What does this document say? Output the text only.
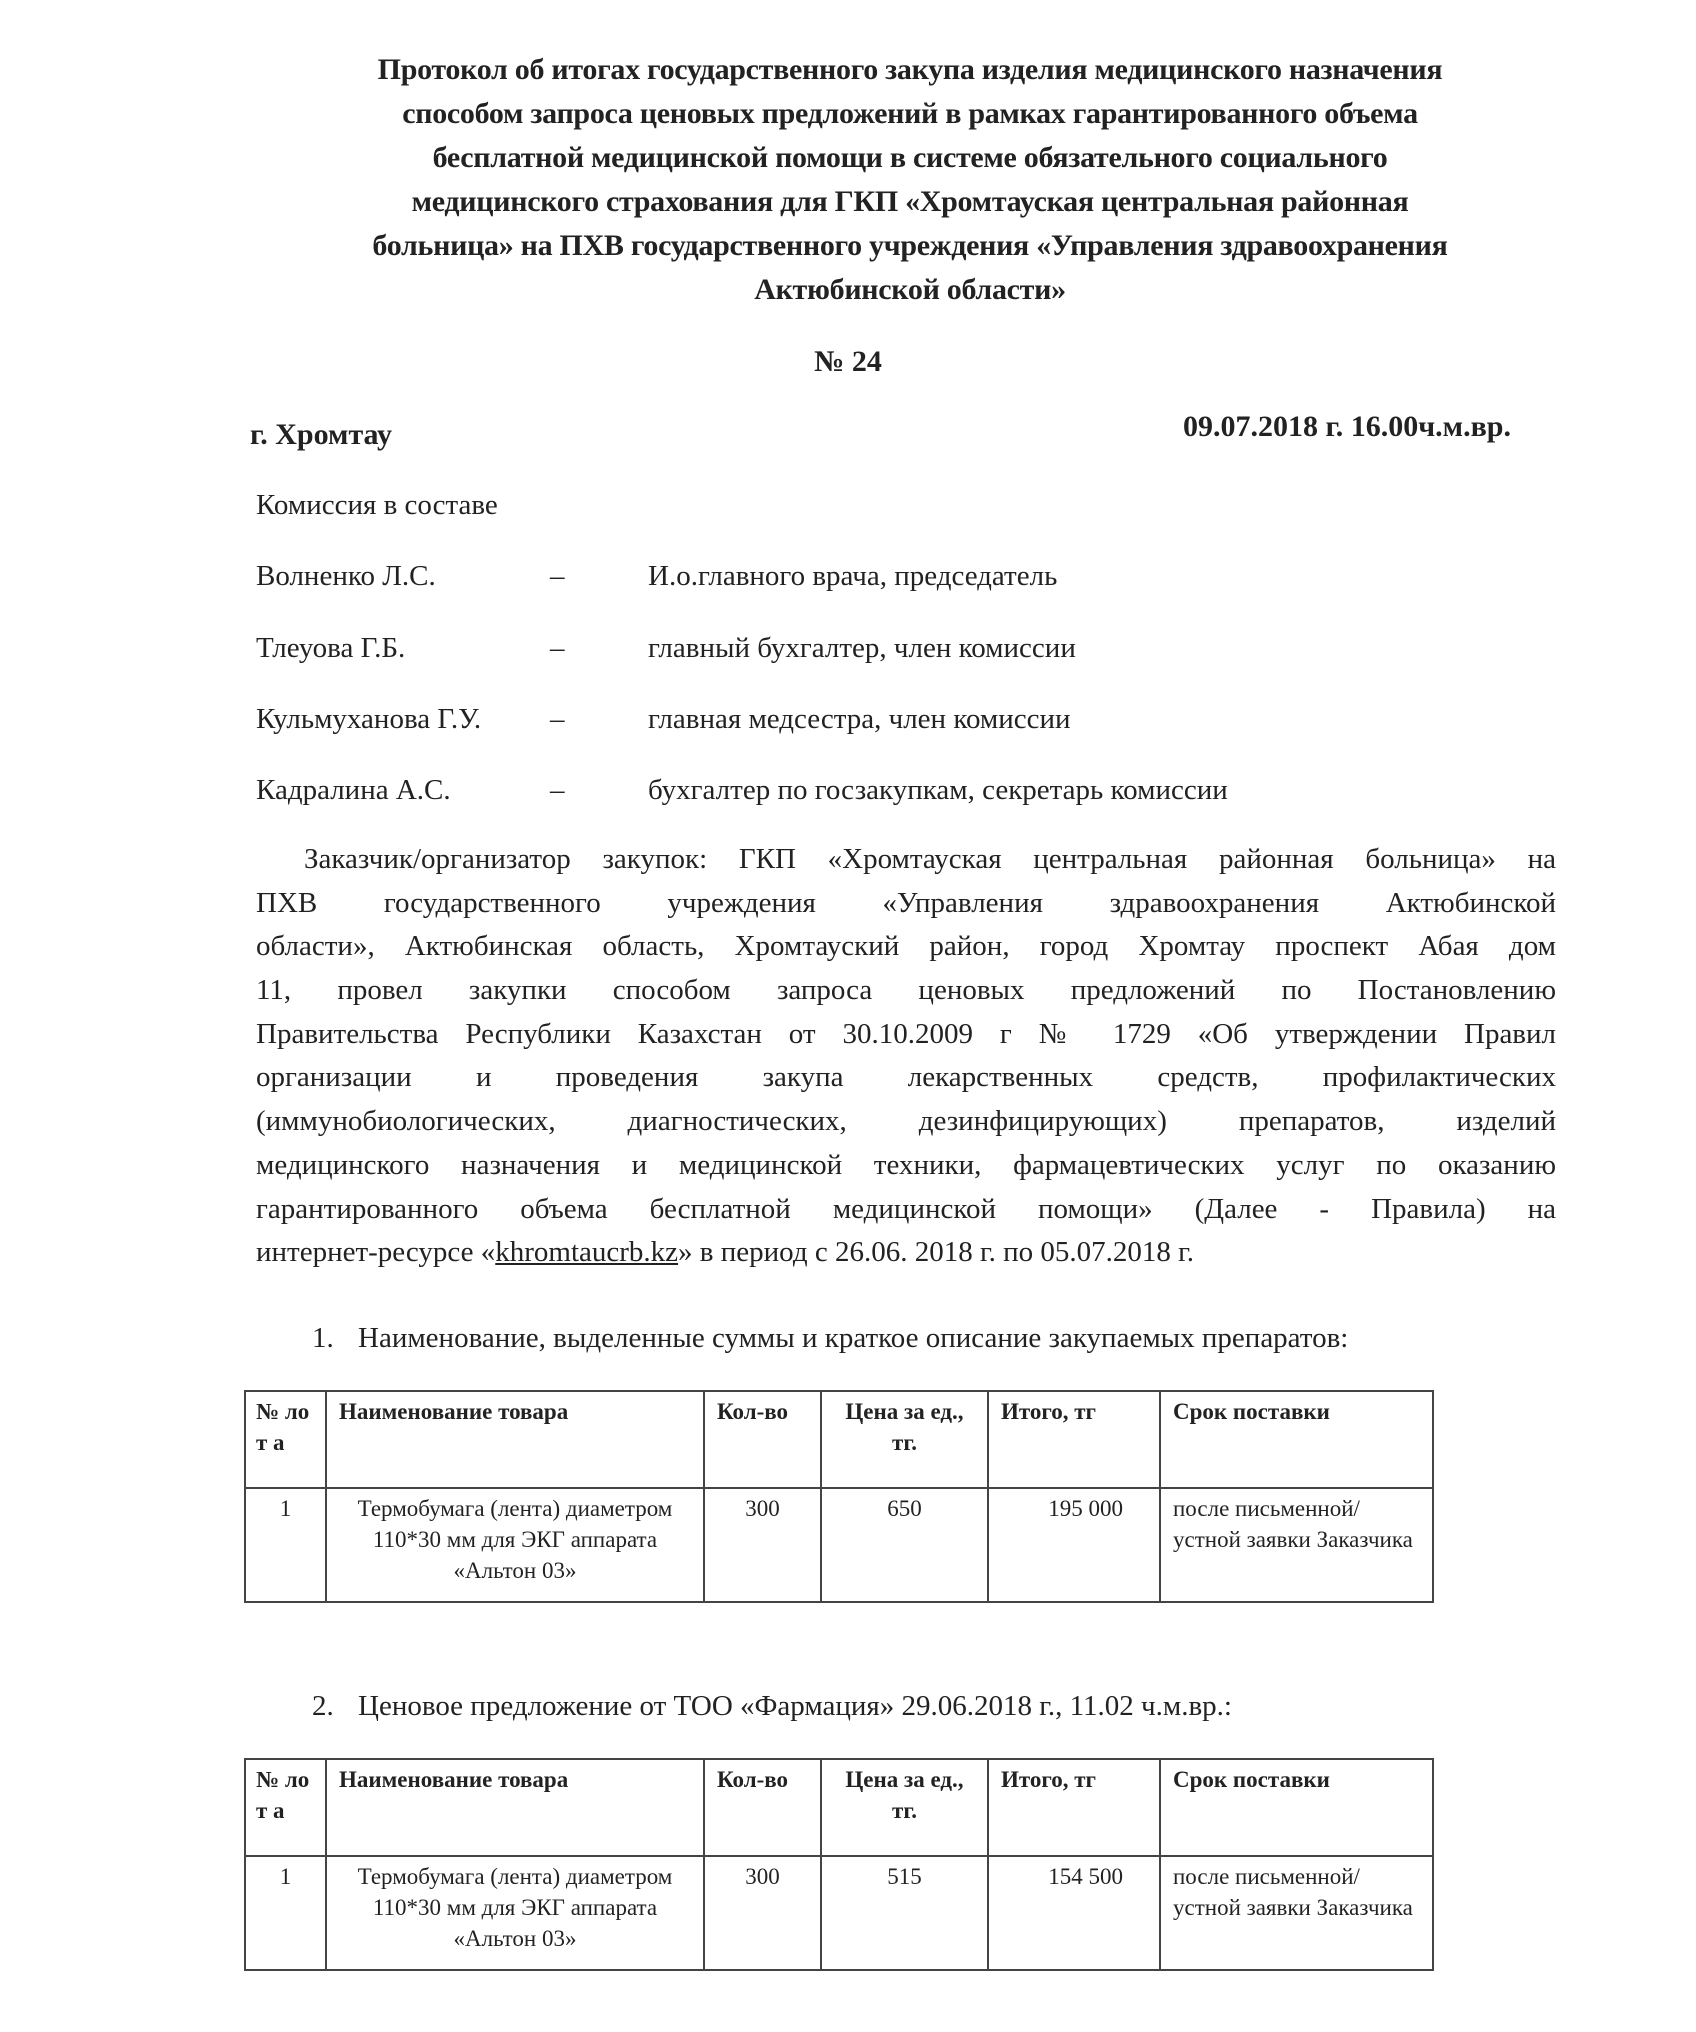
Протокол об итогах государственного закупа изделия медицинского назначения
способом запроса ценовых предложений в рамках гарантированного объема
бесплатной медицинской помощи в системе обязательного социального
медицинского страхования для ГКП «Хромтауская центральная районная
больница» на ПХВ государственного учреждения «Управления здравоохранения
Актюбинской области»
№ 24
г. Хромтау	09.07.2018 г. 16.00ч.м.вр.
Комиссия в составе
Волненко Л.С.	–	И.о.главного врача, председатель
Тлеуова Г.Б.	–	главный бухгалтер, член комиссии
Кульмуханова Г.У. –	главная медсестра, член комиссии
Кадралина А.С.	–	бухгалтер по госзакупкам, секретарь комиссии
Заказчик/организатор закупок: ГКП «Хромтауская центральная районная больница» на
ПХВ государственного учреждения «Управления здравоохранения Актюбинской
области», Актюбинская область, Хромтауский район, город Хромтау проспект Абая дом
11, провел закупки способом запроса ценовых предложений по Постановлению
Правительства Республики Казахстан от 30.10.2009 г № 1729 «Об утверждении Правил
организации и проведения закупа лекарственных средств, профилактических
(иммунобиологических, диагностических, дезинфицирующих) препаратов, изделий
медицинского назначения и медицинской техники, фармацевтических услуг по оказанию
гарантированного объема бесплатной медицинской помощи» (Далее - Правила) на
интернет-ресурсе «khromtaucrb.kz» в период с 26.06. 2018 г. по 05.07.2018 г.
1. Наименование, выделенные суммы и краткое описание закупаемых препаратов:
№ лот а	Наименование товара	Кол-во	Цена за ед., тг.	Итого, тг	Срок поставки
1	Термобумага (лента) диаметром 110*30 мм для ЭКГ аппарата «Альтон 03»	300	650	195 000	после письменной/устной заявки Заказчика
2. Ценовое предложение от ТОО «Фармация» 29.06.2018 г., 11.02 ч.м.вр.:
№ лот а	Наименование товара	Кол-во	Цена за ед., тг.	Итого, тг	Срок поставки
1	Термобумага (лента) диаметром 110*30 мм для ЭКГ аппарата «Альтон 03»	300	515	154 500	после письменной/устной заявки Заказчика
